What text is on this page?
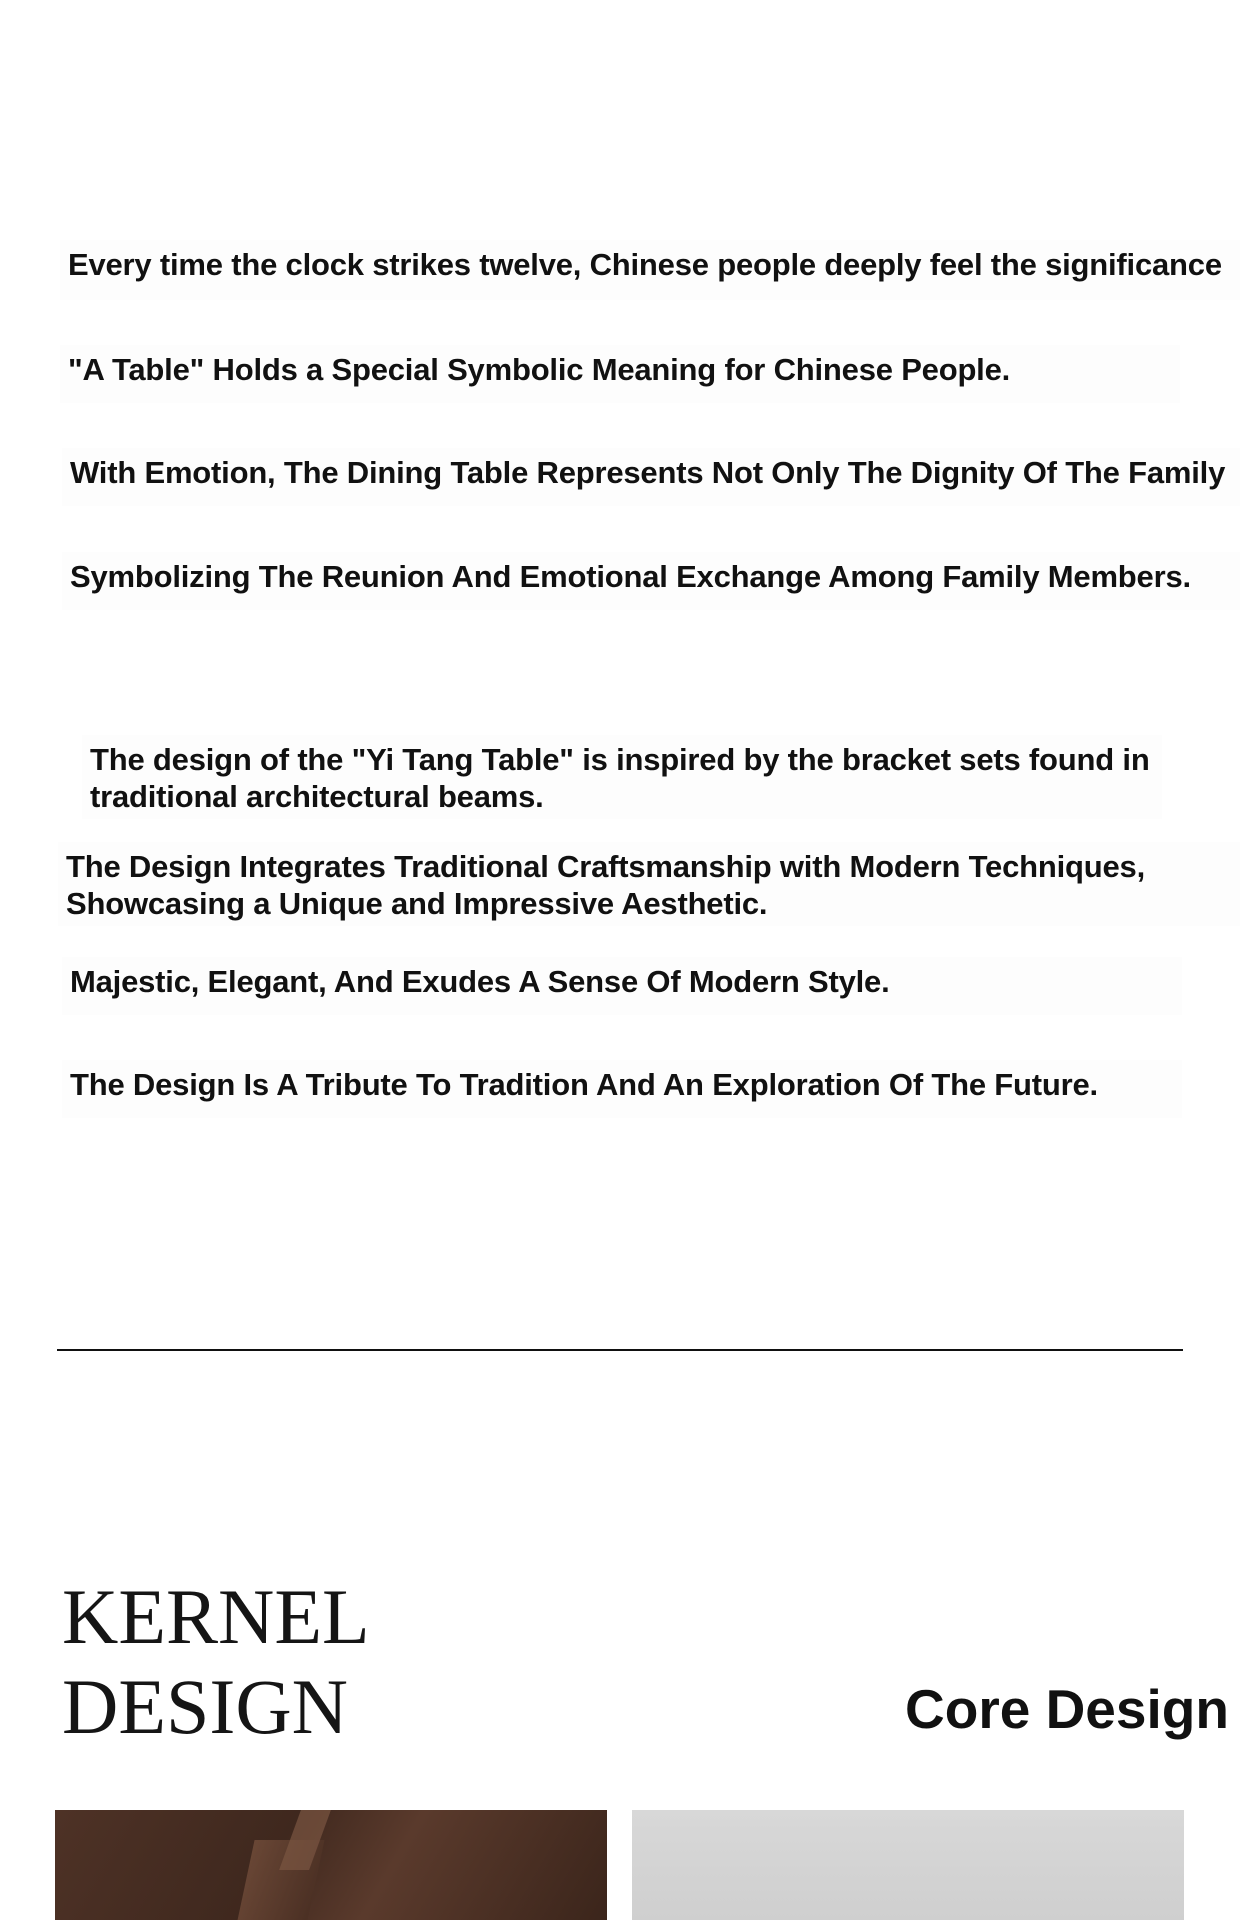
Every time the clock strikes twelve, Chinese people deeply feel the significance
"A Table" Holds a Special Symbolic Meaning for Chinese People.
With Emotion, The Dining Table Represents Not Only The Dignity Of The Family
Symbolizing The Reunion And Emotional Exchange Among Family Members.
The design of the "Yi Tang Table" is inspired by the bracket sets found in traditional architectural beams.
The Design Integrates Traditional Craftsmanship with Modern Techniques, Showcasing a Unique and Impressive Aesthetic.
Majestic, Elegant, And Exudes A Sense Of Modern Style.
The Design Is A Tribute To Tradition And An Exploration Of The Future.
KERNEL
DESIGN	Core Design
